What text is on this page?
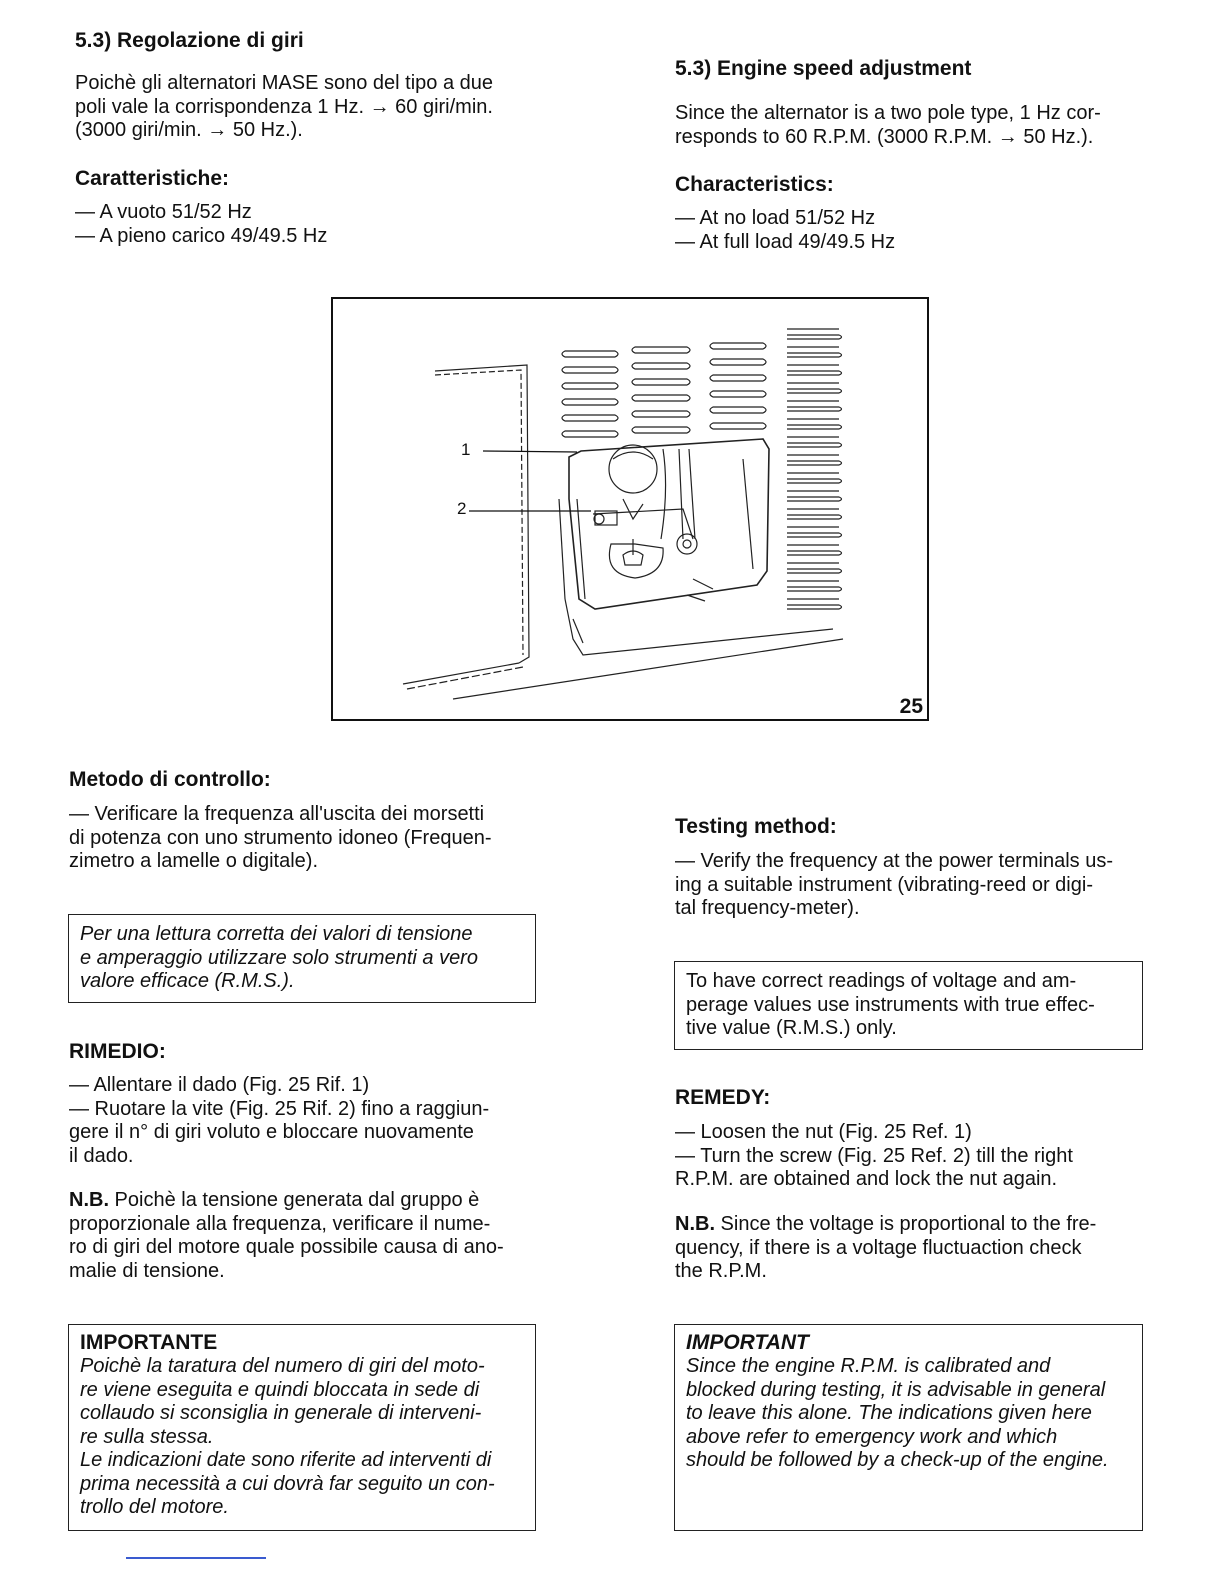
5.3) Regolazione di giri
Poichè gli alternatori MASE sono del tipo a due
poli vale la corrispondenza 1 Hz. → 60 giri/min.
(3000 giri/min. → 50 Hz.).
Caratteristiche:
— A vuoto 51/52 Hz
— A pieno carico 49/49.5 Hz
Metodo di controllo:
— Verificare la frequenza all'uscita dei morsetti
di potenza con uno strumento idoneo (Frequen-
zimetro a lamelle o digitale).
Per una lettura corretta dei valori di tensione
e amperaggio utilizzare solo strumenti a vero
valore efficace (R.M.S.).
RIMEDIO:
— Allentare il dado (Fig. 25 Rif. 1)
— Ruotare la vite (Fig. 25 Rif. 2) fino a raggiun-
gere il n° di giri voluto e bloccare nuovamente
il dado.
N.B. Poichè la tensione generata dal gruppo è
proporzionale alla frequenza, verificare il nume-
ro di giri del motore quale possibile causa di ano-
malie di tensione.
IMPORTANTE
Poichè la taratura del numero di giri del moto-
re viene eseguita e quindi bloccata in sede di
collaudo si sconsiglia in generale di interveni-
re sulla stessa.
Le indicazioni date sono riferite ad interventi di
prima necessità a cui dovrà far seguito un con-
trollo del motore.
5.3) Engine speed adjustment
Since the alternator is a two pole type, 1 Hz cor-
responds to 60 R.P.M. (3000 R.P.M. → 50 Hz.).
Characteristics:
— At no load 51/52 Hz
— At full load 49/49.5 Hz
Testing method:
— Verify the frequency at the power terminals us-
ing a suitable instrument (vibrating-reed or digi-
tal frequency-meter).
To have correct readings of voltage and am-
perage values use instruments with true effec-
tive value (R.M.S.) only.
REMEDY:
— Loosen the nut (Fig. 25 Ref. 1)
— Turn the screw (Fig. 25 Ref. 2) till the right
R.P.M. are obtained and lock the nut again.
N.B. Since the voltage is proportional to the fre-
quency, if there is a voltage fluctuaction check
the R.P.M.
IMPORTANT
Since the engine R.P.M. is calibrated and
blocked during testing, it is advisable in general
to leave this alone. The indications given here
above refer to emergency work and which
should be followed by a check-up of the engine.
1
2
25
